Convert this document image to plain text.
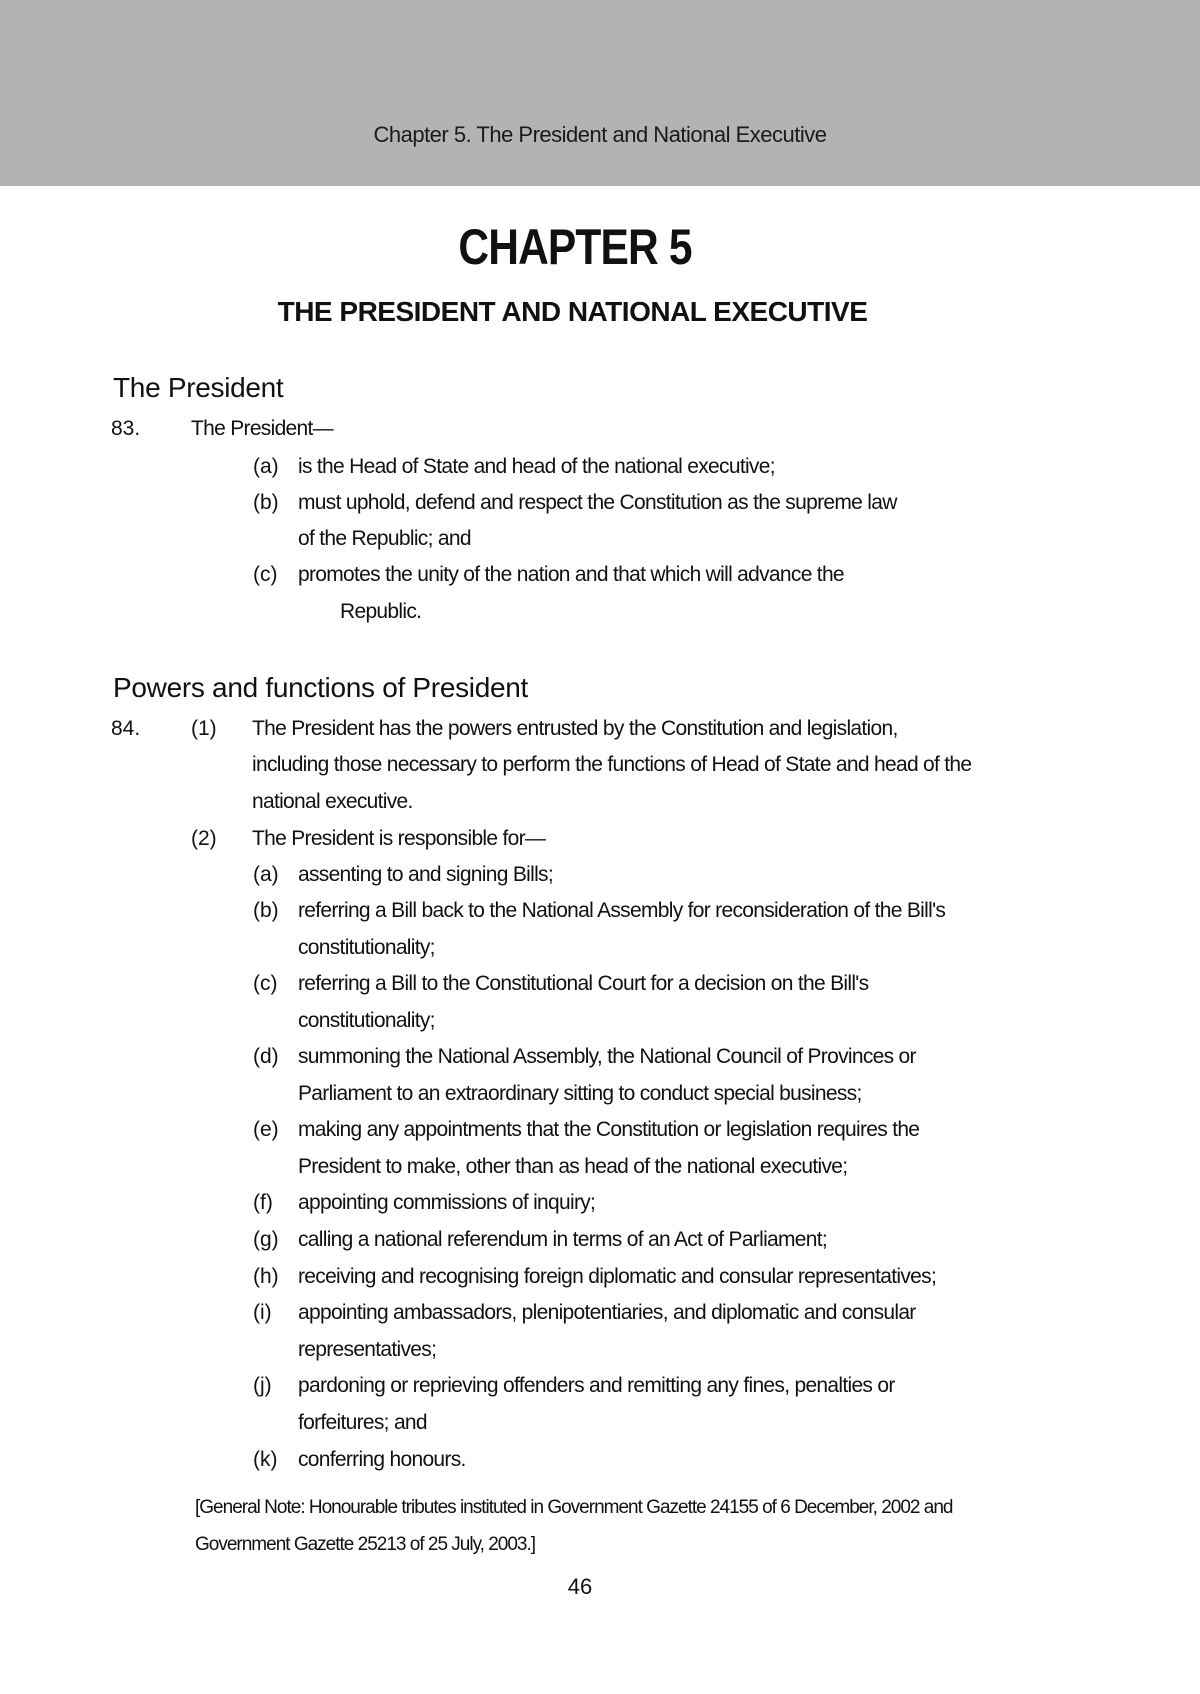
Chapter 5. The President and National Executive
CHAPTER 5
THE PRESIDENT AND NATIONAL EXECUTIVE
The President
83. The President—
(a) is the Head of State and head of the national executive;
(b) must uphold, defend and respect the Constitution as the supreme law
of the Republic; and
(c) promotes the unity of the nation and that which will advance the
Republic.
Powers and functions of President
84. (1) The President has the powers entrusted by the Constitution and legislation,
including those necessary to perform the functions of Head of State and head of the
national executive.
(2) The President is responsible for—
(a) assenting to and signing Bills;
(b) referring a Bill back to the National Assembly for reconsideration of the Bill's
constitutionality;
(c) referring a Bill to the Constitutional Court for a decision on the Bill's
constitutionality;
(d) summoning the National Assembly, the National Council of Provinces or
Parliament to an extraordinary sitting to conduct special business;
(e) making any appointments that the Constitution or legislation requires the
President to make, other than as head of the national executive;
(f) appointing commissions of inquiry;
(g) calling a national referendum in terms of an Act of Parliament;
(h) receiving and recognising foreign diplomatic and consular representatives;
(i) appointing ambassadors, plenipotentiaries, and diplomatic and consular
representatives;
(j) pardoning or reprieving offenders and remitting any fines, penalties or
forfeitures; and
(k) conferring honours.
[General Note: Honourable tributes instituted in Government Gazette 24155 of 6 December, 2002 and
Government Gazette 25213 of 25 July, 2003.]
46
